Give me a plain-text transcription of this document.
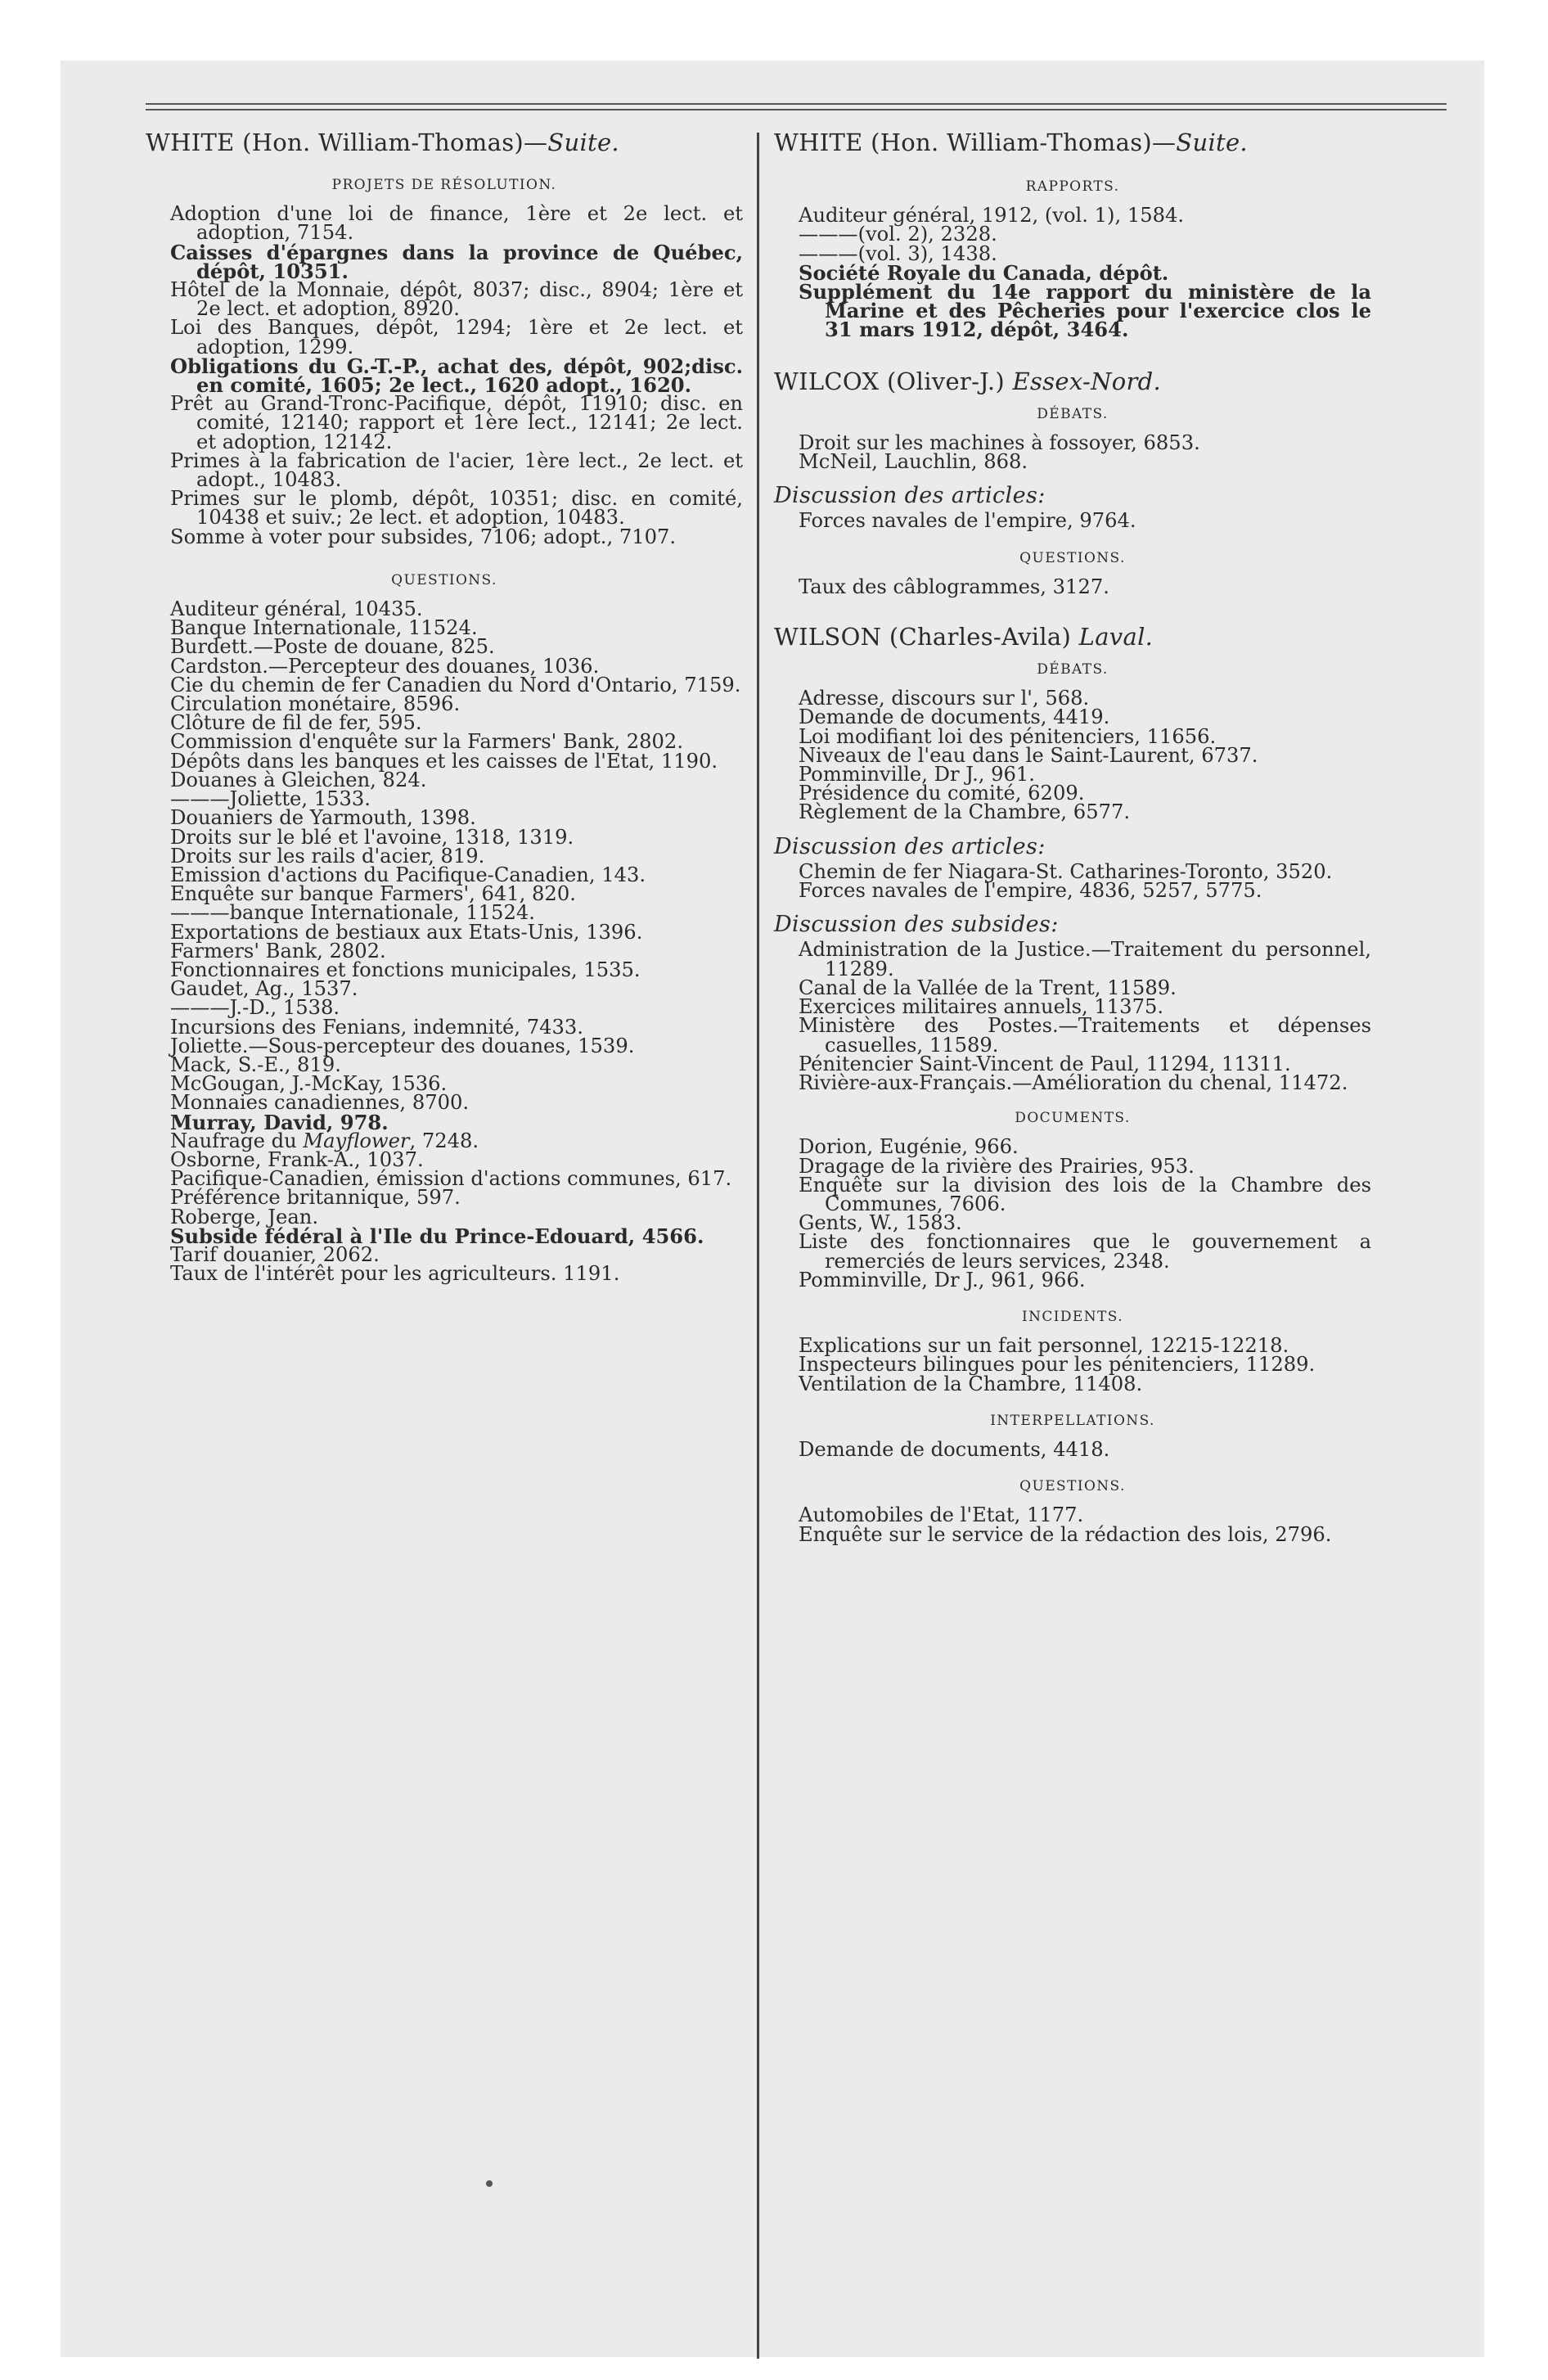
WHITE (Hon. William-Thomas)—Suite.
PROJETS DE RÉSOLUTION.
Adoption d'une loi de finance, 1ère et 2e lect. et adoption, 7154.
Caisses d'épargnes dans la province de Québec, dépôt, 10351.
Hôtel de la Monnaie, dépôt, 8037; disc., 8904; 1ère et 2e lect. et adoption, 8920.
Loi des Banques, dépôt, 1294; 1ère et 2e lect. et adoption, 1299.
Obligations du G.-T.-P., achat des, dépôt, 902;disc. en comité, 1605; 2e lect., 1620 adopt., 1620.
Prêt au Grand-Tronc-Pacifique, dépôt, 11910; disc. en comité, 12140; rapport et 1ère lect., 12141; 2e lect. et adoption, 12142.
Primes à la fabrication de l'acier, 1ère lect., 2e lect. et adopt., 10483.
Primes sur le plomb, dépôt, 10351; disc. en comité, 10438 et suiv.; 2e lect. et adoption, 10483.
Somme à voter pour subsides, 7106; adopt., 7107.
QUESTIONS.
Auditeur général, 10435.
Banque Internationale, 11524.
Burdett.—Poste de douane, 825.
Cardston.—Percepteur des douanes, 1036.
Cie du chemin de fer Canadien du Nord d'Ontario, 7159.
Circulation monétaire, 8596.
Clôture de fil de fer, 595.
Commission d'enquête sur la Farmers' Bank, 2802.
Dépôts dans les banques et les caisses de l'Etat, 1190.
Douanes à Gleichen, 824.
———Joliette, 1533.
Douaniers de Yarmouth, 1398.
Droits sur le blé et l'avoine, 1318, 1319.
Droits sur les rails d'acier, 819.
Emission d'actions du Pacifique-Canadien, 143.
Enquête sur banque Farmers', 641, 820.
———banque Internationale, 11524.
Exportations de bestiaux aux Etats-Unis, 1396.
Farmers' Bank, 2802.
Fonctionnaires et fonctions municipales, 1535.
Gaudet, Ag., 1537.
———J.-D., 1538.
Incursions des Fenians, indemnité, 7433.
Joliette.—Sous-percepteur des douanes, 1539.
Mack, S.-E., 819.
McGougan, J.-McKay, 1536.
Monnaies canadiennes, 8700.
Murray, David, 978.
Naufrage du Mayflower, 7248.
Osborne, Frank-A., 1037.
Pacifique-Canadien, émission d'actions communes, 617.
Préférence britannique, 597.
Roberge, Jean.
Subside fédéral à l'Ile du Prince-Edouard, 4566.
Tarif douanier, 2062.
Taux de l'intérêt pour les agriculteurs. 1191.
WHITE (Hon. William-Thomas)—Suite.
RAPPORTS.
Auditeur général, 1912, (vol. 1), 1584.
———(vol. 2), 2328.
———(vol. 3), 1438.
Société Royale du Canada, dépôt.
Supplément du 14e rapport du ministère de la Marine et des Pêcheries pour l'exercice clos le 31 mars 1912, dépôt, 3464.
WILCOX (Oliver-J.) Essex-Nord.
DÉBATS.
Droit sur les machines à fossoyer, 6853.
McNeil, Lauchlin, 868.
Discussion des articles:
Forces navales de l'empire, 9764.
QUESTIONS.
Taux des câblogrammes, 3127.
WILSON (Charles-Avila) Laval.
DÉBATS.
Adresse, discours sur l', 568.
Demande de documents, 4419.
Loi modifiant loi des pénitenciers, 11656.
Niveaux de l'eau dans le Saint-Laurent, 6737.
Pomminville, Dr J., 961.
Présidence du comité, 6209.
Règlement de la Chambre, 6577.
Discussion des articles:
Chemin de fer Niagara-St. Catharines-Toronto, 3520.
Forces navales de l'empire, 4836, 5257, 5775.
Discussion des subsides:
Administration de la Justice.—Traitement du personnel, 11289.
Canal de la Vallée de la Trent, 11589.
Exercices militaires annuels, 11375.
Ministère des Postes.—Traitements et dépenses casuelles, 11589.
Pénitencier Saint-Vincent de Paul, 11294, 11311.
Rivière-aux-Français.—Amélioration du chenal, 11472.
DOCUMENTS.
Dorion, Eugénie, 966.
Dragage de la rivière des Prairies, 953.
Enquête sur la division des lois de la Chambre des Communes, 7606.
Gents, W., 1583.
Liste des fonctionnaires que le gouvernement a remerciés de leurs services, 2348.
Pomminville, Dr J., 961, 966.
INCIDENTS.
Explications sur un fait personnel, 12215-12218.
Inspecteurs bilingues pour les pénitenciers, 11289.
Ventilation de la Chambre, 11408.
INTERPELLATIONS.
Demande de documents, 4418.
QUESTIONS.
Automobiles de l'Etat, 1177.
Enquête sur le service de la rédaction des lois, 2796.
